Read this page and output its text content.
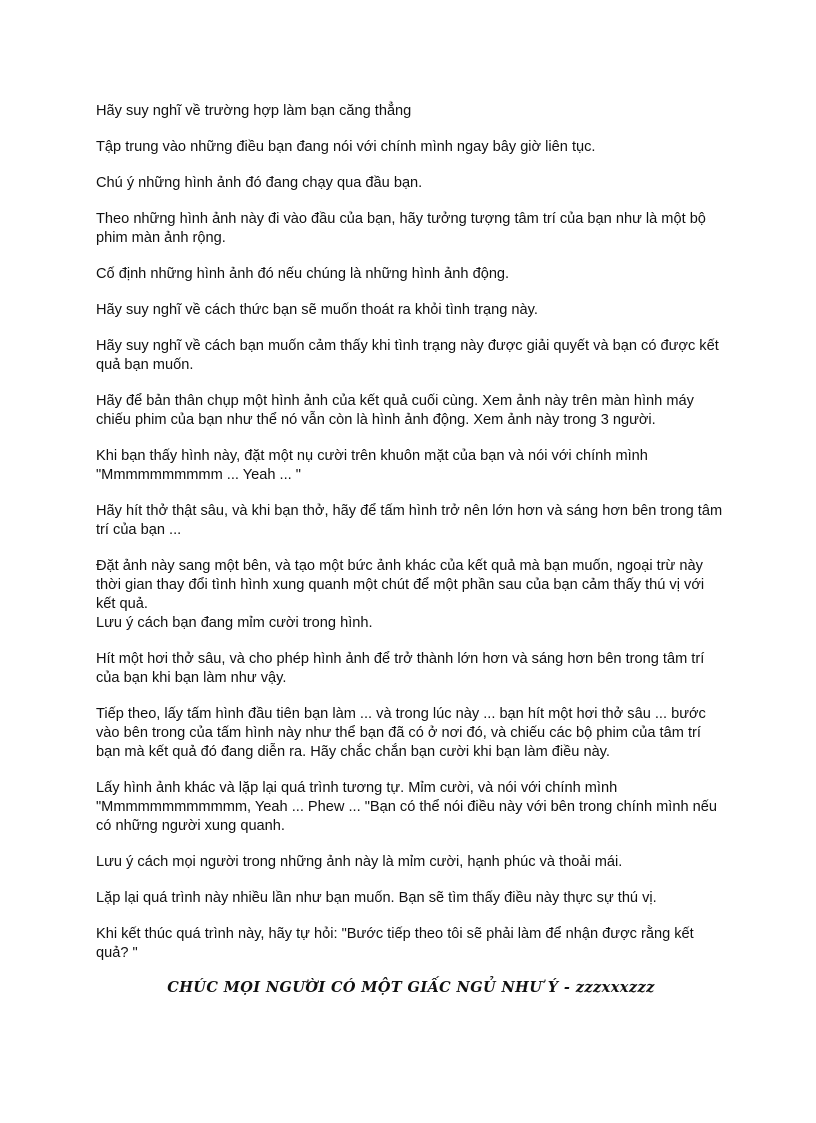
Hãy suy nghĩ về trường hợp làm bạn căng thẳng

Tập trung vào những điều bạn đang nói với chính mình ngay bây giờ liên tục.

Chú ý những hình ảnh đó đang chạy qua đầu bạn.

Theo những hình ảnh này đi vào đầu của bạn, hãy tưởng tượng tâm trí của bạn như là một bộ phim màn ảnh rộng.

Cố định những hình ảnh đó nếu chúng là những hình ảnh động.

Hãy suy nghĩ về cách thức bạn sẽ muốn thoát ra khỏi tình trạng này.

Hãy suy nghĩ về cách bạn muốn cảm thấy khi tình trạng này được giải quyết và bạn có được kết quả bạn muốn.

Hãy để bản thân chụp một hình ảnh của kết quả cuối cùng. Xem ảnh này trên màn hình máy chiếu phim của bạn như thể nó vẫn còn là hình ảnh động. Xem ảnh này trong 3 người.

Khi bạn thấy hình này, đặt một nụ cười trên khuôn mặt của bạn và nói với chính mình "Mmmmmmmmmm ... Yeah ... "

Hãy hít thở thật sâu, và khi bạn thở, hãy để tấm hình trở nên lớn hơn và sáng hơn bên trong tâm trí của bạn ...

Đặt ảnh này sang một bên, và tạo một bức ảnh khác của kết quả mà bạn muốn, ngoại trừ này thời gian thay đổi tình hình xung quanh một chút để một phần sau của bạn cảm thấy thú vị với kết quả.

Lưu ý cách bạn đang mỉm cười trong hình.

Hít một hơi thở sâu, và cho phép hình ảnh để trở thành lớn hơn và sáng hơn bên trong tâm trí của bạn khi bạn làm như vậy.

Tiếp theo, lấy tấm hình đầu tiên bạn làm ... và trong lúc này ... bạn hít một hơi thở sâu ... bước vào bên trong của tấm hình này như thể bạn đã có ở nơi đó, và chiếu các bộ phim của tâm trí bạn mà kết quả đó đang diễn ra. Hãy chắc chắn bạn cười khi bạn làm điều này.

Lấy hình ảnh khác và lặp lại quá trình tương tự. Mỉm cười, và nói với chính mình "Mmmmmmmmmmmm, Yeah ... Phew ... "Bạn có thể nói điều này với bên trong chính mình nếu có những người xung quanh.

Lưu ý cách mọi người trong những ảnh này là mỉm cười, hạnh phúc và thoải mái.

Lặp lại quá trình này nhiều lần như bạn muốn. Bạn sẽ tìm thấy điều này thực sự thú vị.

Khi kết thúc quá trình này, hãy tự hỏi: "Bước tiếp theo tôi sẽ phải làm để nhận được rằng kết quả? "

CHÚC MỌI NGƯỜI CÓ MỘT GIẤC NGỦ NHƯ Ý - zzzxxxzzz
